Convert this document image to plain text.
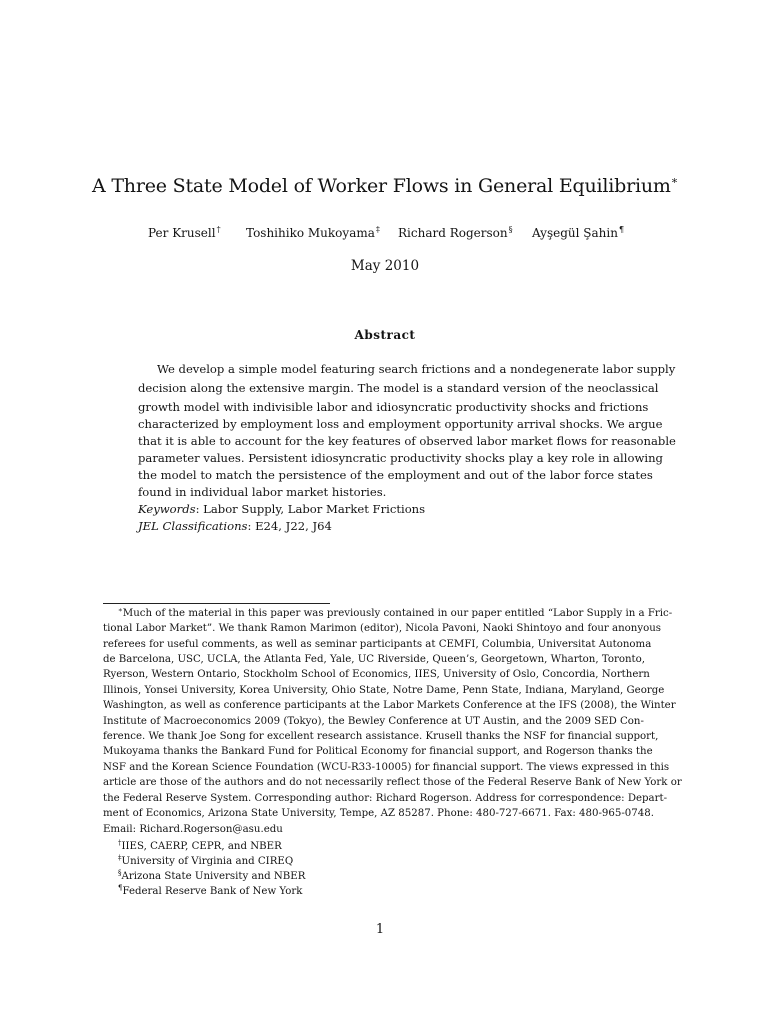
A Three State Model of Worker Flows in General Equilibrium∗
Per Krusell† Toshihiko Mukoyama‡ Richard Rogerson§ Ayşegül Şahin¶
May 2010
Abstract
We develop a simple model featuring search frictions and a nondegenerate labor supply
decision along the extensive margin. The model is a standard version of the neoclassical
growth model with indivisible labor and idiosyncratic productivity shocks and frictions
characterized by employment loss and employment opportunity arrival shocks. We argue
that it is able to account for the key features of observed labor market flows for reasonable
parameter values. Persistent idiosyncratic productivity shocks play a key role in allowing
the model to match the persistence of the employment and out of the labor force states
found in individual labor market histories.
Keywords: Labor Supply, Labor Market Frictions
JEL Classifications: E24, J22, J64
∗Much of the material in this paper was previously contained in our paper entitled “Labor Supply in a Fric-
tional Labor Market”. We thank Ramon Marimon (editor), Nicola Pavoni, Naoki Shintoyo and four anonyous
referees for useful comments, as well as seminar participants at CEMFI, Columbia, Universitat Autonoma
de Barcelona, USC, UCLA, the Atlanta Fed, Yale, UC Riverside, Queen’s, Georgetown, Wharton, Toronto,
Ryerson, Western Ontario, Stockholm School of Economics, IIES, University of Oslo, Concordia, Northern
Illinois, Yonsei University, Korea University, Ohio State, Notre Dame, Penn State, Indiana, Maryland, George
Washington, as well as conference participants at the Labor Markets Conference at the IFS (2008), the Winter
Institute of Macroeconomics 2009 (Tokyo), the Bewley Conference at UT Austin, and the 2009 SED Con-
ference. We thank Joe Song for excellent research assistance. Krusell thanks the NSF for financial support,
Mukoyama thanks the Bankard Fund for Political Economy for financial support, and Rogerson thanks the
NSF and the Korean Science Foundation (WCU-R33-10005) for financial support. The views expressed in this
article are those of the authors and do not necessarily reflect those of the Federal Reserve Bank of New York or
the Federal Reserve System. Corresponding author: Richard Rogerson. Address for correspondence: Depart-
ment of Economics, Arizona State University, Tempe, AZ 85287. Phone: 480-727-6671. Fax: 480-965-0748.
Email: Richard.Rogerson@asu.edu
†IIES, CAERP, CEPR, and NBER
‡University of Virginia and CIREQ
§Arizona State University and NBER
¶Federal Reserve Bank of New York
1
